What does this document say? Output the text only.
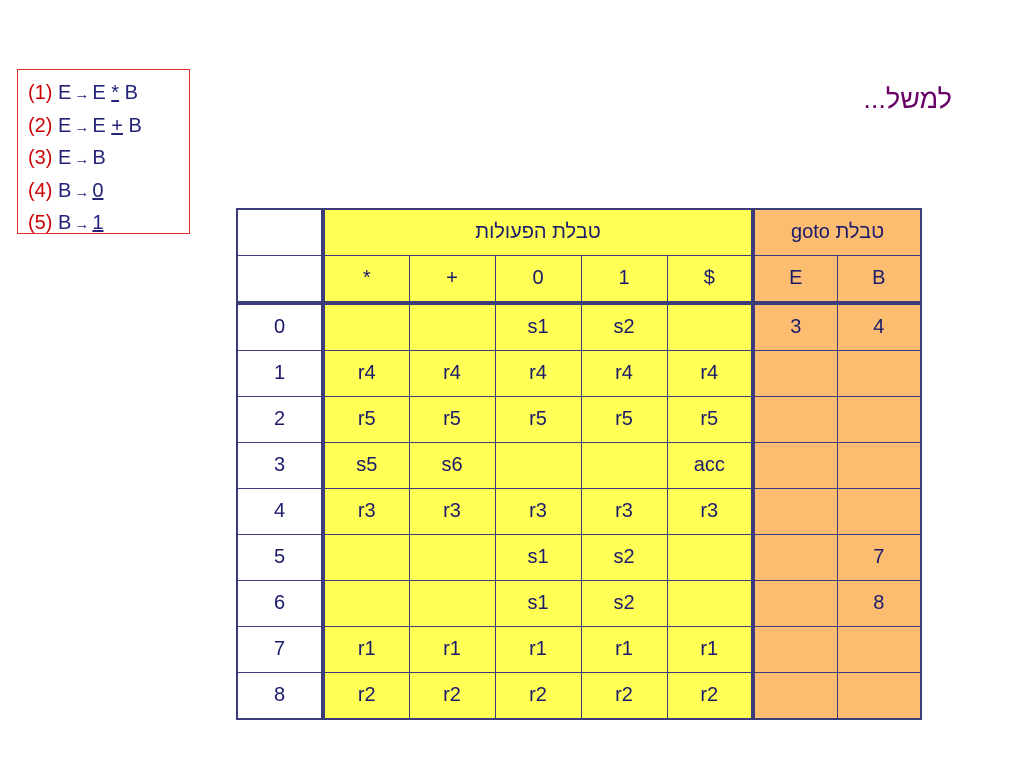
(1) E → E * B
(2) E → E + B
(3) E → B
(4) B → 0
(5) B → 1
למשל...
	טבלת הפעולות					טבלת goto	
	*	+	0	1	$	E	B
0			s1	s2		3	4
1	r4	r4	r4	r4	r4		
2	r5	r5	r5	r5	r5		
3	s5	s6			acc		
4	r3	r3	r3	r3	r3		
5			s1	s2			7
6			s1	s2			8
7	r1	r1	r1	r1	r1		
8	r2	r2	r2	r2	r2		
